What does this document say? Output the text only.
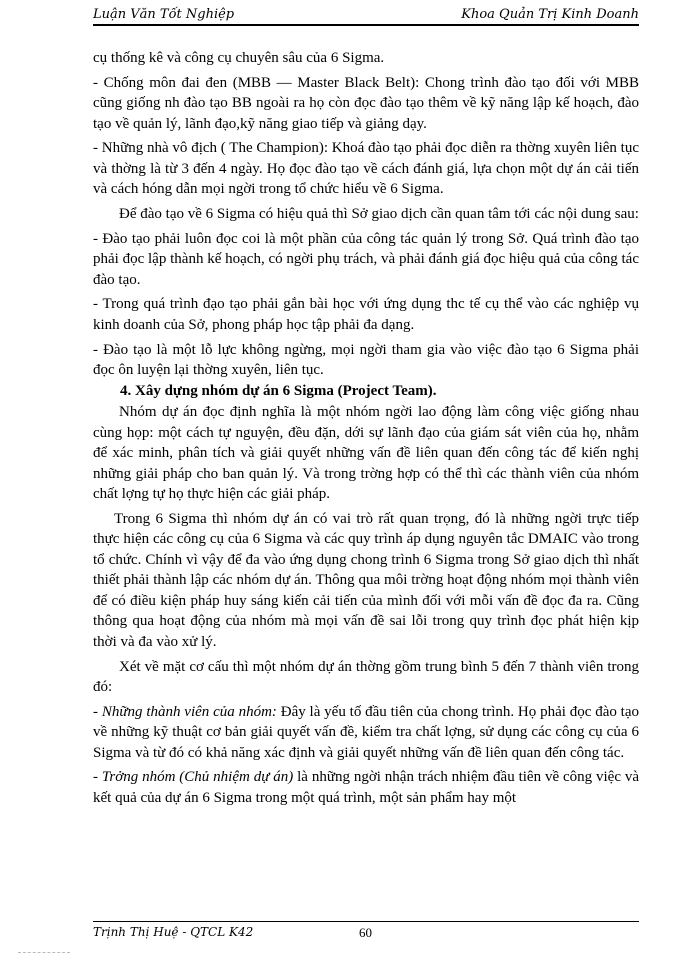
Luận Văn Tốt Nghiệp	Khoa Quản Trị Kinh Doanh

cụ thống kê và công cụ chuyên sâu của 6 Sigma.

- Chống môn đai đen (MBB — Master Black Belt): Chong trình đào tạo đối với MBB cũng giống nh đào tạo BB ngoài ra họ còn đọc đào tạo thêm về kỹ năng lập kế hoạch, đào tạo về quản lý, lãnh đạo,kỹ năng giao tiếp và giảng dạy.

- Những nhà vô địch ( The Champion): Khoá đào tạo phải đọc diễn ra thờng xuyên liên tục và thờng là từ 3 đến 4 ngày. Họ đọc đào tạo về cách đánh giá, lựa chọn một dự án cải tiến và cách hóng dẫn mọi ngời trong tổ chức hiểu về 6 Sigma.

Để đào tạo về 6 Sigma có hiệu quả thì Sở giao dịch cần quan tâm tới các nội dung sau:

- Đào tạo phải luôn đọc coi là một phần của công tác quản lý trong Sở. Quá trình đào tạo phải đọc lập thành kế hoạch, có ngời phụ trách, và phải đánh giá đọc hiệu quả của công tác đào tạo.

- Trong quá trình đạo tạo phải gắn bài học với ứng dụng thc tế cụ thể vào các nghiệp vụ kinh doanh của Sở, phong pháp học tập phải đa dạng.

- Đào tạo là một lỗ lực không ngừng, mọi ngời tham gia vào việc đào tạo 6 Sigma phải đọc ôn luyện lại thờng xuyên, liên tục.

4. Xây dựng nhóm dự án 6 Sigma (Project Team).

Nhóm dự án đọc định nghĩa là một nhóm ngời lao động làm công việc giống nhau cùng họp: một cách tự nguyện, đều đặn, dới sự lãnh đạo của giám sát viên của họ, nhằm để xác minh, phân tích và giải quyết những vấn đề liên quan đến công tác để kiến nghị những giải pháp cho ban quản lý. Và trong trờng hợp có thể thì các thành viên của nhóm chất lợng tự họ thực hiện các giải pháp.

Trong 6 Sigma thì nhóm dự án có vai trò rất quan trọng, đó là những ngời trực tiếp thực hiện các công cụ của 6 Sigma và các quy trình áp dụng nguyên tắc DMAIC vào trong tổ chức. Chính vì vậy để đa vào ứng dụng chong trình 6 Sigma trong Sở giao dịch thì nhất thiết phải thành lập các nhóm dự án. Thông qua môi trờng hoạt động nhóm mọi thành viên để có điều kiện pháp huy sáng kiến cải tiến của mình đối với mỗi vấn đề đọc đa ra. Cũng thông qua hoạt động của nhóm mà mọi vấn đề sai lỗi trong quy trình đọc phát hiện kịp thời và đa vào xử lý.

Xét về mặt cơ cấu thì một nhóm dự án thờng gồm trung bình 5 đến 7 thành viên trong đó:

- Những thành viên của nhóm: Đây là yếu tố đầu tiên của chong trình. Họ phải đọc đào tạo về những kỹ thuật cơ bản giải quyết vấn đề, kiểm tra chất lợng, sử dụng các công cụ của 6 Sigma và từ đó có khả năng xác định và giải quyết những vấn đề liên quan đến công tác.

- Trởng nhóm (Chủ nhiệm dự án) là những ngời nhận trách nhiệm đầu tiên về công việc và kết quả của dự án 6 Sigma trong một quá trình, một sản phẩm hay một

Trịnh Thị Huệ - QTCL K42	60
